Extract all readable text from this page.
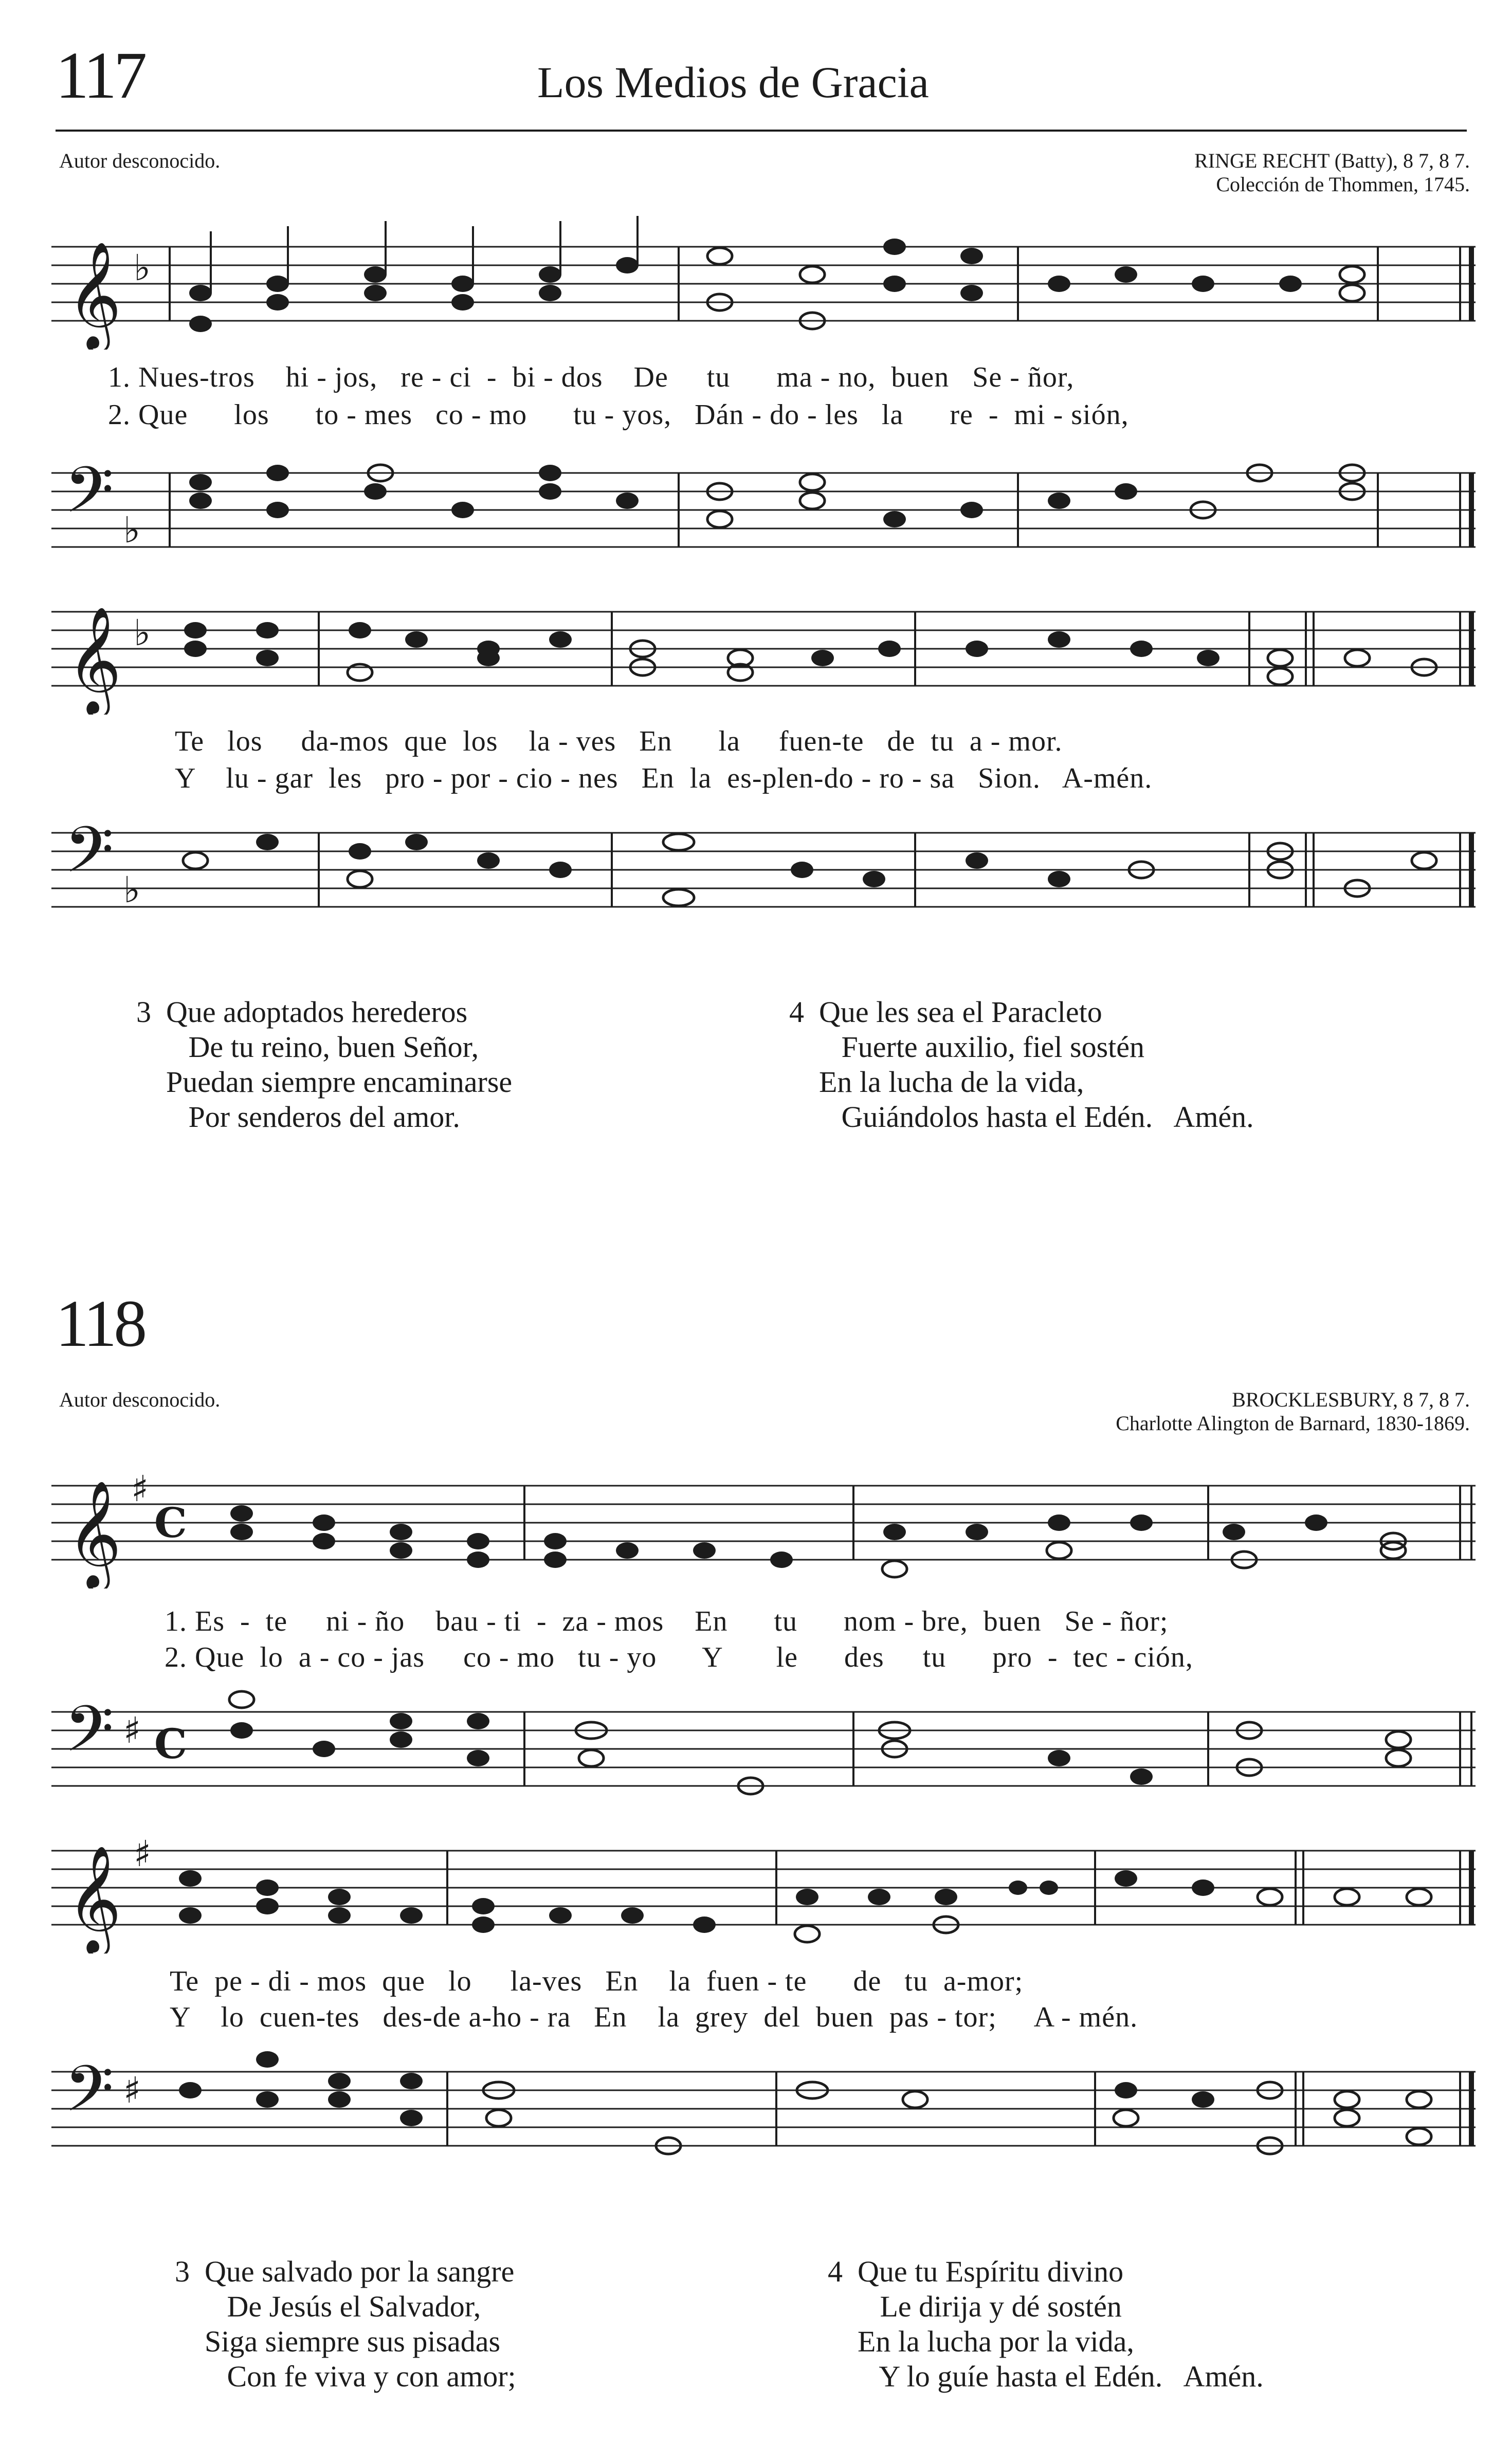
117	Los Medios de Gracia
Autor desconocido.	RINGE RECHT (Batty), 8 7, 8 7.
Colección de Thommen, 1745.
𝄞 ♭
1. Nues-tros    hi - jos,   re - ci  -  bi - dos    De     tu      ma - no,  buen   Se - ñor,
2. Que      los      to - mes   co - mo      tu - yos,   Dán - do - les   la      re  -  mi - sión,
𝄢 ♭
𝄞 ♭
Te   los     da-mos  que  los    la - ves   En      la     fuen-te   de  tu  a - mor.
Y    lu - gar  les   pro - por - cio - nes   En  la  es-plen-do - ro - sa   Sion.   A-mén.
𝄢 ♭
3  Que adoptados herederos
De tu reino, buen Señor,
Puedan siempre encaminarse
Por senderos del amor.
4  Que les sea el Paracleto
Fuerte auxilio, fiel sostén
En la lucha de la vida,
Guiándolos hasta el Edén.   Amén.
118
Autor desconocido.	BROCKLESBURY, 8 7, 8 7.
Charlotte Alington de Barnard, 1830-1869.
𝄞 ♯
C
1. Es  -  te     ni - ño    bau - ti  -  za - mos    En      tu      nom - bre,  buen   Se - ñor;
2. Que  lo  a - co - jas     co - mo   tu - yo      Y       le      des     tu      pro  -  tec - ción,
𝄢 ♯ C
𝄞 ♯
Te  pe - di - mos  que   lo     la-ves   En    la  fuen - te      de   tu  a-mor;
Y    lo  cuen-tes   des-de a-ho - ra   En    la  grey  del  buen  pas - tor;     A - mén.
𝄢 ♯
3  Que salvado por la sangre
De Jesús el Salvador,
Siga siempre sus pisadas
Con fe viva y con amor;
4  Que tu Espíritu divino
Le dirija y dé sostén
En la lucha por la vida,
Y lo guíe hasta el Edén.   Amén.
